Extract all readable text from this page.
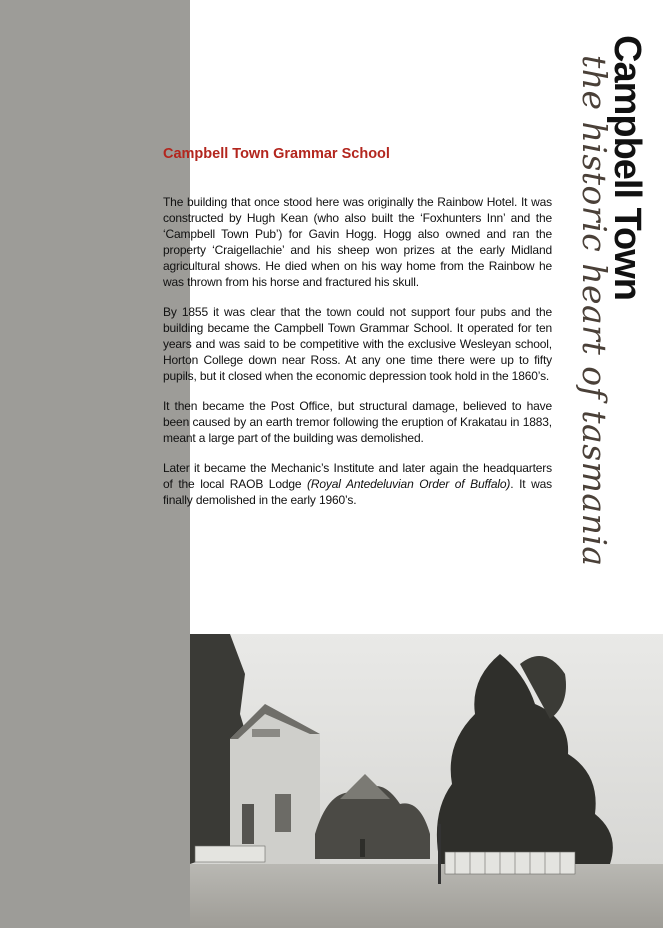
Campbell Town Grammar School

The building that once stood here was originally the Rainbow Hotel. It was constructed by Hugh Kean (who also built the ‘Foxhunters Inn’ and the ‘Campbell Town Pub’) for Gavin Hogg. Hogg also owned and ran the property ‘Craigellachie’ and his sheep won prizes at the early Midland agricultural shows. He died when on his way home from the Rainbow he was thrown from his horse and fractured his skull.

By 1855 it was clear that the town could not support four pubs and the building became the Campbell Town Grammar School. It operated for ten years and was said to be competitive with the exclusive Wesleyan school, Horton College down near Ross. At any one time there were up to fifty pupils, but it closed when the economic depression took hold in the 1860’s.

It then became the Post Office, but structural damage, believed to have been caused by an earth tremor following the eruption of Krakatau in 1883, meant a large part of the building was demolished.

Later it became the Mechanic’s Institute and later again the headquarters of the local RAOB Lodge (Royal Antedeluvian Order of Buffalo). It was finally demolished in the early 1960’s.

Campbell Town
the historic heart of tasmania
